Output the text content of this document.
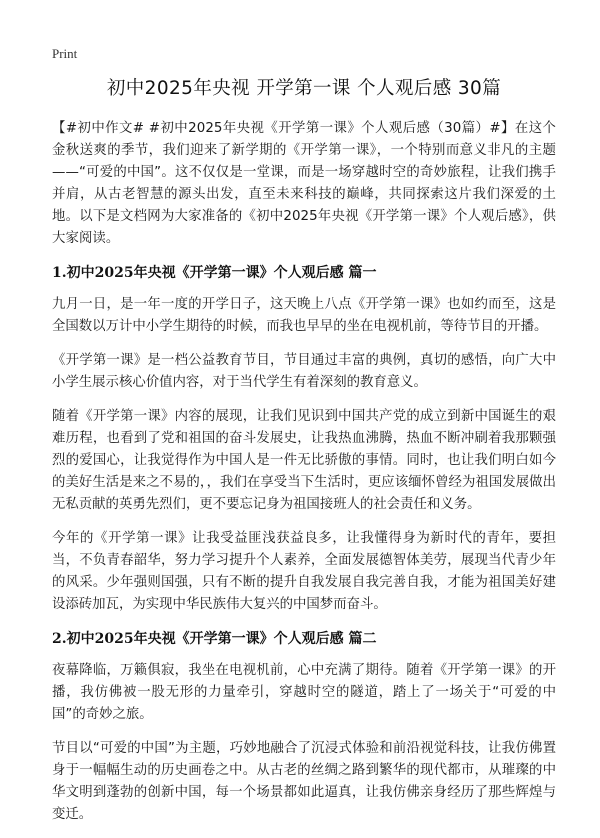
Print
初中2025年央视 开学第一课 个人观后感 30篇

【#初中作文# #初中2025年央视《开学第一课》个人观后感（30篇）#】在这个金秋送爽的季节，我们迎来了新学期的《开学第一课》，一个特别而意义非凡的主题——“可爱的中国”。这不仅仅是一堂课，而是一场穿越时空的奇妙旅程，让我们携手并肩，从古老智慧的源头出发，直至未来科技的巅峰，共同探索这片我们深爱的土地。以下是文档网为大家准备的《初中2025年央视《开学第一课》个人观后感》，供大家阅读。

1.初中2025年央视《开学第一课》个人观后感 篇一

九月一日，是一年一度的开学日子，这天晚上八点《开学第一课》也如约而至，这是全国数以万计中小学生期待的时候，而我也早早的坐在电视机前，等待节目的开播。

《开学第一课》是一档公益教育节目，节目通过丰富的典例，真切的感悟，向广大中小学生展示核心价值内容，对于当代学生有着深刻的教育意义。

随着《开学第一课》内容的展现，让我们见识到中国共产党的成立到新中国诞生的艰难历程，也看到了党和祖国的奋斗发展史，让我热血沸腾，热血不断冲刷着我那颗强烈的爱国心，让我觉得作为中国人是一件无比骄傲的事情。同时，也让我们明白如今的美好生活是来之不易的，，我们在享受当下生活时，更应该缅怀曾经为祖国发展做出无私贡献的英勇先烈们，更不要忘记身为祖国接班人的社会责任和义务。

今年的《开学第一课》让我受益匪浅获益良多，让我懂得身为新时代的青年，要担当，不负青春韶华，努力学习提升个人素养，全面发展德智体美劳，展现当代青少年的风采。少年强则国强，只有不断的提升自我发展自我完善自我，才能为祖国美好建设添砖加瓦，为实现中华民族伟大复兴的中国梦而奋斗。

2.初中2025年央视《开学第一课》个人观后感 篇二

夜幕降临，万籁俱寂，我坐在电视机前，心中充满了期待。随着《开学第一课》的开播，我仿佛被一股无形的力量牵引，穿越时空的隧道，踏上了一场关于“可爱的中国”的奇妙之旅。

节目以“可爱的中国”为主题，巧妙地融合了沉浸式体验和前沿视觉科技，让我仿佛置身于一幅幅生动的历史画卷之中。从古老的丝绸之路到繁华的现代都市，从璀璨的中华文明到蓬勃的创新中国，每一个场景都如此逼真，让我仿佛亲身经历了那些辉煌与变迁。
